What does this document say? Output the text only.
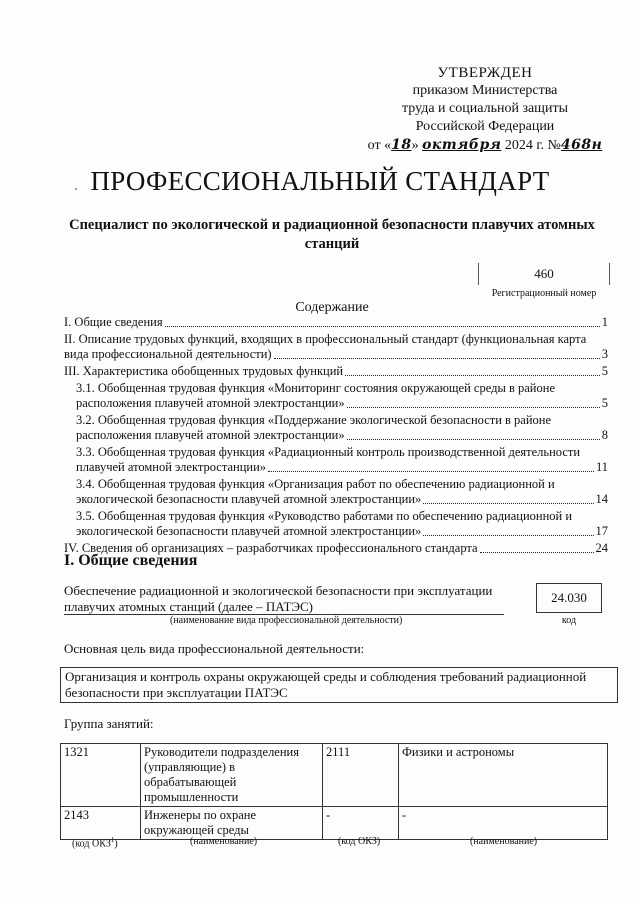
УТВЕРЖДЕН
приказом Министерства
труда и социальной защиты
Российской Федерации
от «18» октября 2024 г. №468н
ПРОФЕССИОНАЛЬНЫЙ СТАНДАРТ
Специалист по экологической и радиационной безопасности плавучих атомных станций
460
Регистрационный номер
Содержание
I. Общие сведения	1
II. Описание трудовых функций, входящих в профессиональный стандарт (функциональная карта
вида профессиональной деятельности)	3
III. Характеристика обобщенных трудовых функций	5
3.1. Обобщенная трудовая функция «Мониторинг состояния окружающей среды в районе
расположения плавучей атомной электростанции»	5
3.2. Обобщенная трудовая функция «Поддержание экологической безопасности в районе
расположения плавучей атомной электростанции»	8
3.3. Обобщенная трудовая функция «Радиационный контроль производственной деятельности
плавучей атомной электростанции»	11
3.4. Обобщенная трудовая функция «Организация работ по обеспечению радиационной и
экологической безопасности плавучей атомной электростанции»	14
3.5. Обобщенная трудовая функция «Руководство работами по обеспечению радиационной и
экологической безопасности плавучей атомной электростанции»	17
IV. Сведения об организациях – разработчиках профессионального стандарта	24
I. Общие сведения
Обеспечение радиационной и экологической безопасности при эксплуатации плавучих атомных станций (далее – ПАТЭС)
(наименование вида профессиональной деятельности)
24.030
код
Основная цель вида профессиональной деятельности:
Организация и контроль охраны окружающей среды и соблюдения требований радиационной безопасности при эксплуатации ПАТЭС
Группа занятий:
1321	Руководители подразделения (управляющие) в обрабатывающей промышленности	2111	Физики и астрономы
2143	Инженеры по охране окружающей среды	-	-
(код ОКЗ$^1$)	(наименование)	(код ОКЗ)	(наименование)
